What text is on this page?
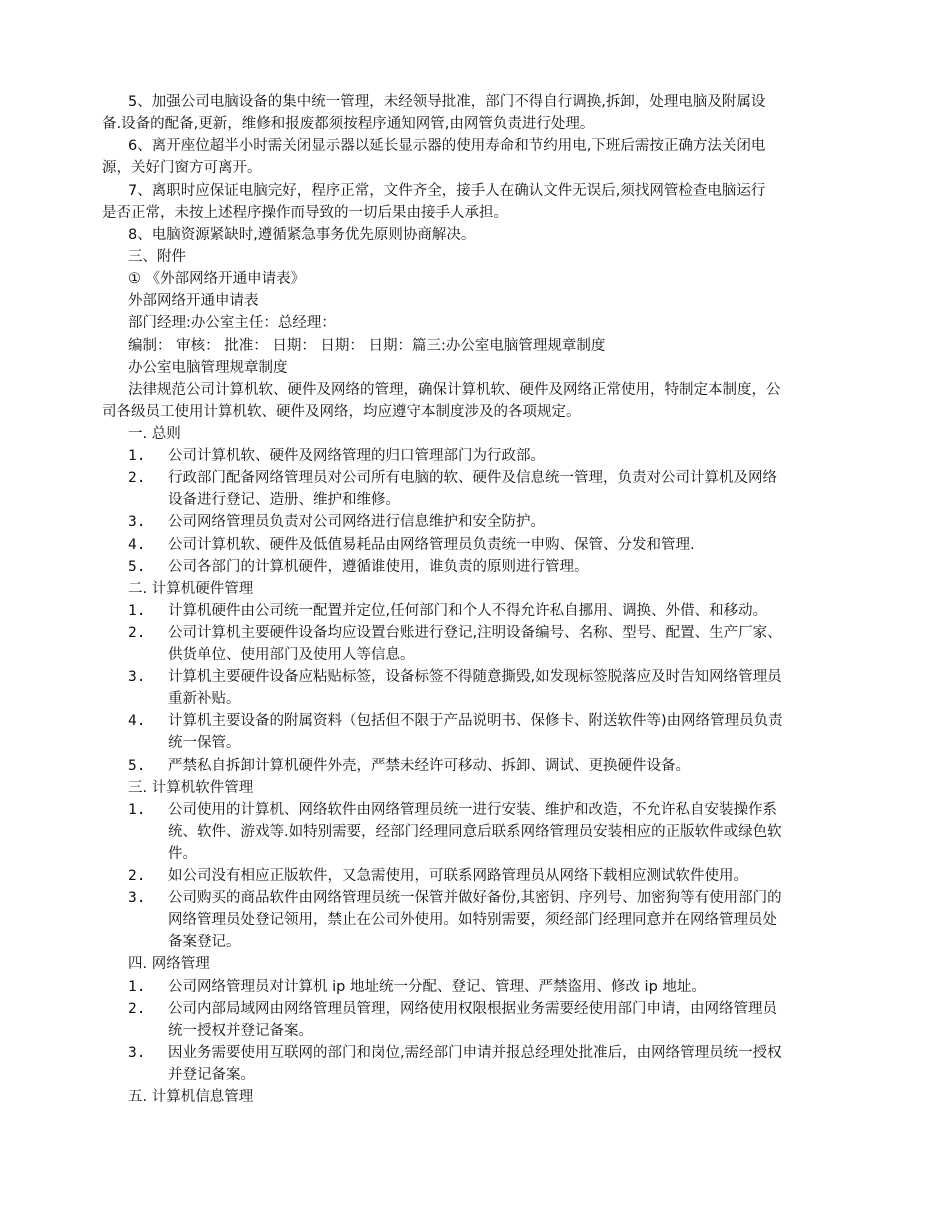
5、加强公司电脑设备的集中统一管理，未经领导批准，部门不得自行调换,拆卸，处理电脑及附属设
备.设备的配备,更新，维修和报废都须按程序通知网管,由网管负责进行处理。
6、离开座位超半小时需关闭显示器以延长显示器的使用寿命和节约用电,下班后需按正确方法关闭电
源，关好门窗方可离开。
7、离职时应保证电脑完好，程序正常，文件齐全，接手人在确认文件无误后,须找网管检查电脑运行
是否正常，未按上述程序操作而导致的一切后果由接手人承担。
8、电脑资源紧缺时,遵循紧急事务优先原则协商解决。
三、附件
① 《外部网络开通申请表》
外部网络开通申请表
部门经理:办公室主任：总经理：
编制： 审核： 批准： 日期： 日期： 日期：篇三:办公室电脑管理规章制度
办公室电脑管理规章制度
法律规范公司计算机软、硬件及网络的管理，确保计算机软、硬件及网络正常使用，特制定本制度，公
司各级员工使用计算机软、硬件及网络，均应遵守本制度涉及的各项规定。
一. 总则
1. 公司计算机软、硬件及网络管理的归口管理部门为行政部。
2. 行政部门配备网络管理员对公司所有电脑的软、硬件及信息统一管理，负责对公司计算机及网络
设备进行登记、造册、维护和维修。
3. 公司网络管理员负责对公司网络进行信息维护和安全防护。
4. 公司计算机软、硬件及低值易耗品由网络管理员负责统一申购、保管、分发和管理.
5. 公司各部门的计算机硬件，遵循谁使用，谁负责的原则进行管理。
二. 计算机硬件管理
1. 计算机硬件由公司统一配置并定位,任何部门和个人不得允许私自挪用、调换、外借、和移动。
2. 公司计算机主要硬件设备均应设置台账进行登记,注明设备编号、名称、型号、配置、生产厂家、
供货单位、使用部门及使用人等信息。
3. 计算机主要硬件设备应粘贴标签，设备标签不得随意撕毁,如发现标签脱落应及时告知网络管理员
重新补贴。
4. 计算机主要设备的附属资料（包括但不限于产品说明书、保修卡、附送软件等)由网络管理员负责
统一保管。
5. 严禁私自拆卸计算机硬件外壳，严禁未经许可移动、拆卸、调试、更换硬件设备。
三. 计算机软件管理
1. 公司使用的计算机、网络软件由网络管理员统一进行安装、维护和改造，不允许私自安装操作系
统、软件、游戏等.如特别需要，经部门经理同意后联系网络管理员安装相应的正版软件或绿色软
件。
2. 如公司没有相应正版软件，又急需使用，可联系网路管理员从网络下载相应测试软件使用。
3. 公司购买的商品软件由网络管理员统一保管并做好备份,其密钥、序列号、加密狗等有使用部门的
网络管理员处登记领用，禁止在公司外使用。如特别需要，须经部门经理同意并在网络管理员处
备案登记。
四. 网络管理
1. 公司网络管理员对计算机 ip 地址统一分配、登记、管理、严禁盗用、修改 ip 地址。
2. 公司内部局域网由网络管理员管理，网络使用权限根据业务需要经使用部门申请，由网络管理员
统一授权并登记备案。
3. 因业务需要使用互联网的部门和岗位,需经部门申请并报总经理处批准后，由网络管理员统一授权
并登记备案。
五. 计算机信息管理
